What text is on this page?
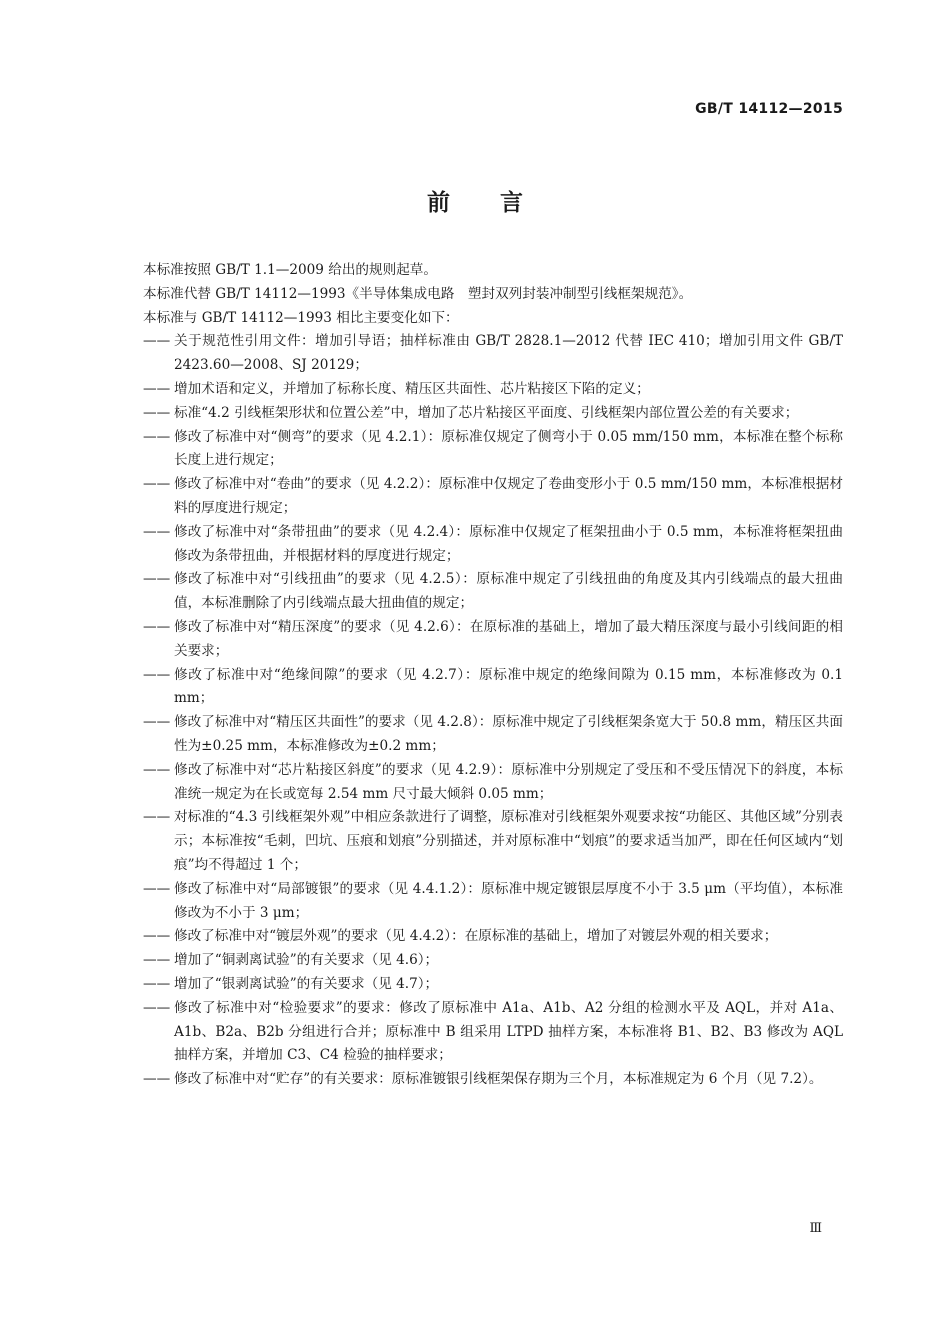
GB/T 14112—2015
前 言

本标准按照 GB/T 1.1—2009 给出的规则起草。

本标准代替 GB/T 14112—1993《半导体集成电路　塑封双列封装冲制型引线框架规范》。

本标准与 GB/T 14112—1993 相比主要变化如下：

—— 关于规范性引用文件：增加引导语；抽样标准由 GB/T 2828.1—2012 代替 IEC 410；增加引用文件 GB/T 2423.60—2008、SJ 20129；

—— 增加术语和定义，并增加了标称长度、精压区共面性、芯片粘接区下陷的定义；

—— 标准“4.2 引线框架形状和位置公差”中，增加了芯片粘接区平面度、引线框架内部位置公差的有关要求；

—— 修改了标准中对“侧弯”的要求（见 4.2.1）：原标准仅规定了侧弯小于 0.05 mm/150 mm，本标准在整个标称长度上进行规定；

—— 修改了标准中对“卷曲”的要求（见 4.2.2）：原标准中仅规定了卷曲变形小于 0.5 mm/150 mm，本标准根据材料的厚度进行规定；

—— 修改了标准中对“条带扭曲”的要求（见 4.2.4）：原标准中仅规定了框架扭曲小于 0.5 mm，本标准将框架扭曲修改为条带扭曲，并根据材料的厚度进行规定；

—— 修改了标准中对“引线扭曲”的要求（见 4.2.5）：原标准中规定了引线扭曲的角度及其内引线端点的最大扭曲值，本标准删除了内引线端点最大扭曲值的规定；

—— 修改了标准中对“精压深度”的要求（见 4.2.6）：在原标准的基础上，增加了最大精压深度与最小引线间距的相关要求；

—— 修改了标准中对“绝缘间隙”的要求（见 4.2.7）：原标准中规定的绝缘间隙为 0.15 mm，本标准修改为 0.1 mm；

—— 修改了标准中对“精压区共面性”的要求（见 4.2.8）：原标准中规定了引线框架条宽大于 50.8 mm，精压区共面性为±0.25 mm，本标准修改为±0.2 mm；

—— 修改了标准中对“芯片粘接区斜度”的要求（见 4.2.9）：原标准中分别规定了受压和不受压情况下的斜度，本标准统一规定为在长或宽每 2.54 mm 尺寸最大倾斜 0.05 mm；

—— 对标准的“4.3 引线框架外观”中相应条款进行了调整，原标准对引线框架外观要求按“功能区、其他区域”分别表示；本标准按“毛刺，凹坑、压痕和划痕”分别描述，并对原标准中“划痕”的要求适当加严，即在任何区域内“划痕”均不得超过 1 个；

—— 修改了标准中对“局部镀银”的要求（见 4.4.1.2）：原标准中规定镀银层厚度不小于 3.5 μm（平均值），本标准修改为不小于 3 μm；

—— 修改了标准中对“镀层外观”的要求（见 4.4.2）：在原标准的基础上，增加了对镀层外观的相关要求；

—— 增加了“铜剥离试验”的有关要求（见 4.6）；

—— 增加了“银剥离试验”的有关要求（见 4.7）；

—— 修改了标准中对“检验要求”的要求：修改了原标准中 A1a、A1b、A2 分组的检测水平及 AQL，并对 A1a、A1b、B2a、B2b 分组进行合并；原标准中 B 组采用 LTPD 抽样方案，本标准将 B1、B2、B3 修改为 AQL 抽样方案，并增加 C3、C4 检验的抽样要求；

—— 修改了标准中对“贮存”的有关要求：原标准镀银引线框架保存期为三个月，本标准规定为 6 个月（见 7.2）。

Ⅲ
